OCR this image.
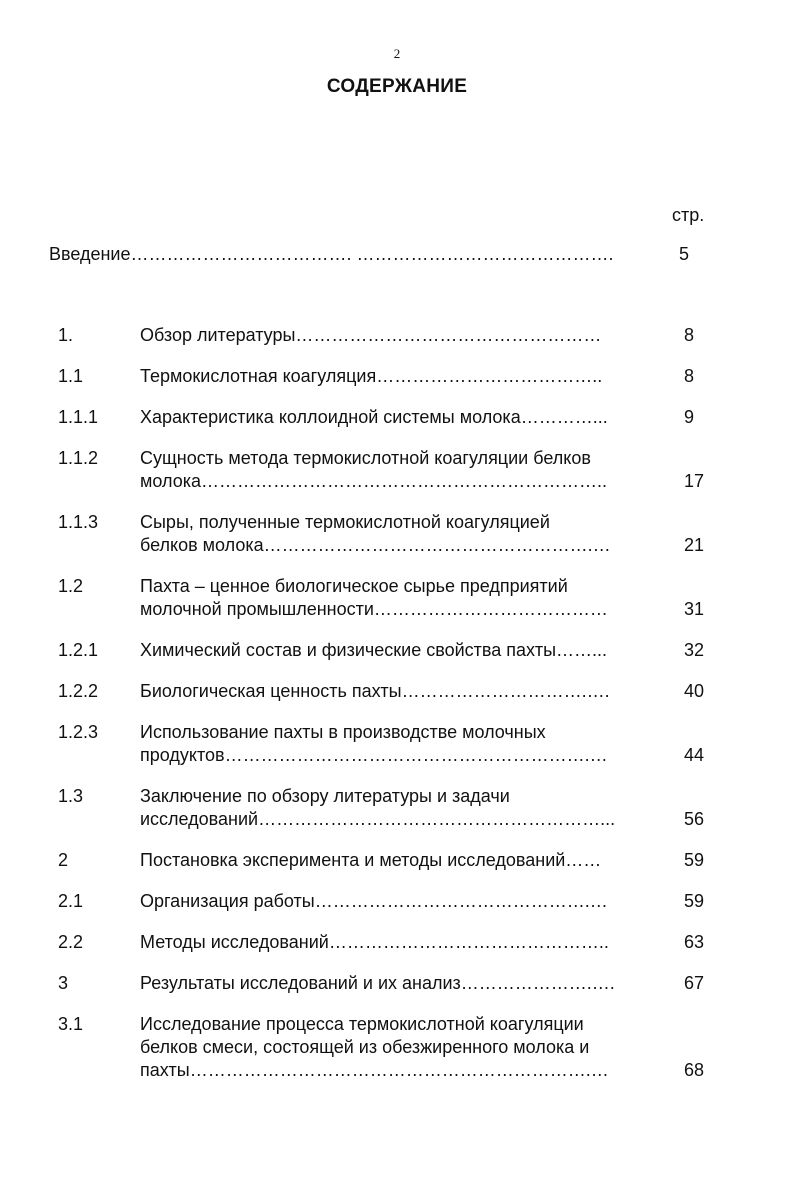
2
СОДЕРЖАНИЕ
стр.
Введение………………………………. …………………………………….	5
1.	Обзор литературы……………………………………………	8
1.1	Термокислотная коагуляция………………………………..	8
1.1.1 Характеристика коллоидной системы молока…………...	9
1.1.2 Сущность метода термокислотной коагуляции белков
молока…………………………………………………………..	17
1.1.3 Сыры, полученные термокислотной коагуляцией
белков молока……………………………………………….…	21
1.2	Пахта – ценное биологическое сырье предприятий
молочной промышленности…………………………………	31
1.2.1 Химический состав и физические свойства пахты……...	32
1.2.2 Биологическая ценность пахты………………………….….	40
1.2.3 Использование пахты в производстве молочных
продуктов…………………………………………………….…	44
1.3	Заключение по обзору литературы и задачи
исследований…………………………………………………...	56
2	Постановка эксперимента и методы исследований……	59
2.1	Организация работы……………………………………….…	59
2.2	Методы исследований………………………………………..	63
3	Результаты исследований и их анализ………………….….	67
3.1	Исследование процесса термокислотной коагуляции
белков смеси, состоящей из обезжиренного молока и
пахты………………………………………………………….…	68
